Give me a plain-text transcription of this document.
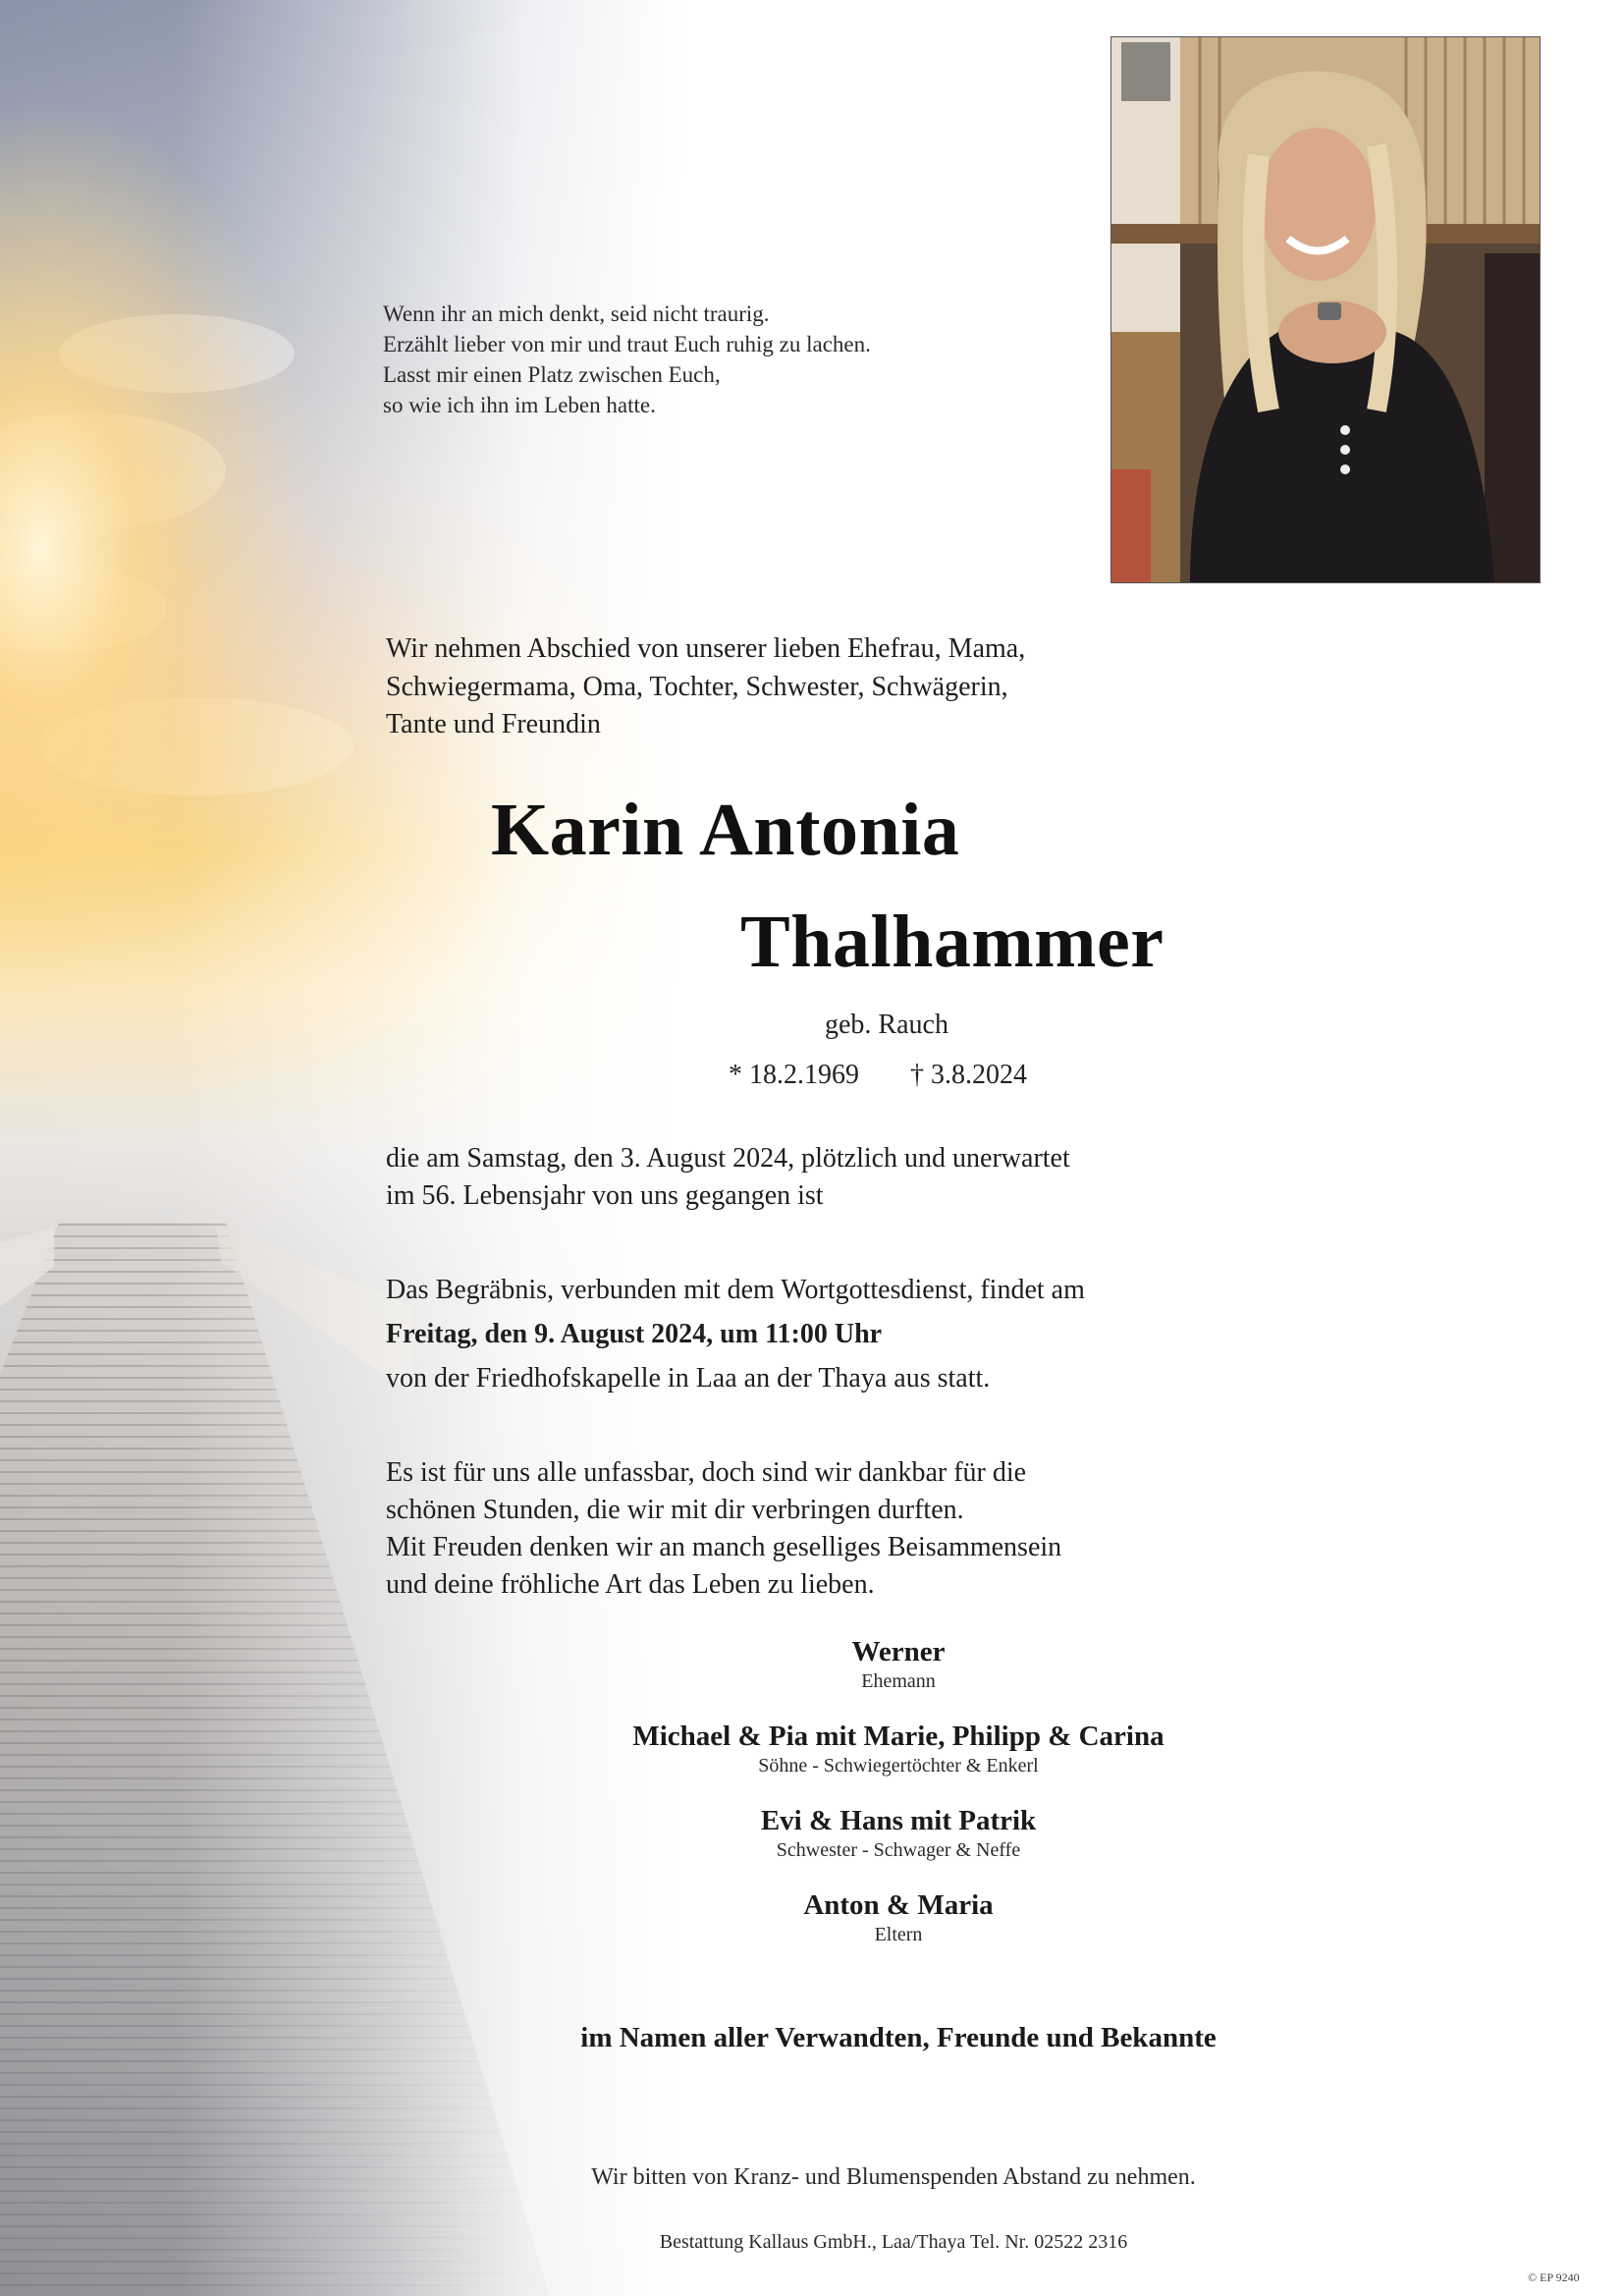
Wenn ihr an mich denkt, seid nicht traurig.
Erzählt lieber von mir und traut Euch ruhig zu lachen.
Lasst mir einen Platz zwischen Euch,
so wie ich ihn im Leben hatte.
Wir nehmen Abschied von unserer lieben Ehefrau, Mama,
Schwiegermama, Oma, Tochter, Schwester, Schwägerin,
Tante und Freundin
Karin Antonia
Thalhammer
geb. Rauch
* 18.2.1969 † 3.8.2024
die am Samstag, den 3. August 2024, plötzlich und unerwartet
im 56. Lebensjahr von uns gegangen ist
Das Begräbnis, verbunden mit dem Wortgottesdienst, findet am
Freitag, den 9. August 2024, um 11:00 Uhr
von der Friedhofskapelle in Laa an der Thaya aus statt.
Es ist für uns alle unfassbar, doch sind wir dankbar für die
schönen Stunden, die wir mit dir verbringen durften.
Mit Freuden denken wir an manch geselliges Beisammensein
und deine fröhliche Art das Leben zu lieben.
Werner
Ehemann
Michael & Pia mit Marie, Philipp & Carina
Söhne - Schwiegertöchter & Enkerl
Evi & Hans mit Patrik
Schwester - Schwager & Neffe
Anton & Maria
Eltern
im Namen aller Verwandten, Freunde und Bekannte
Wir bitten von Kranz- und Blumenspenden Abstand zu nehmen.
Bestattung Kallaus GmbH., Laa/Thaya Tel. Nr. 02522 2316
© EP 9240
